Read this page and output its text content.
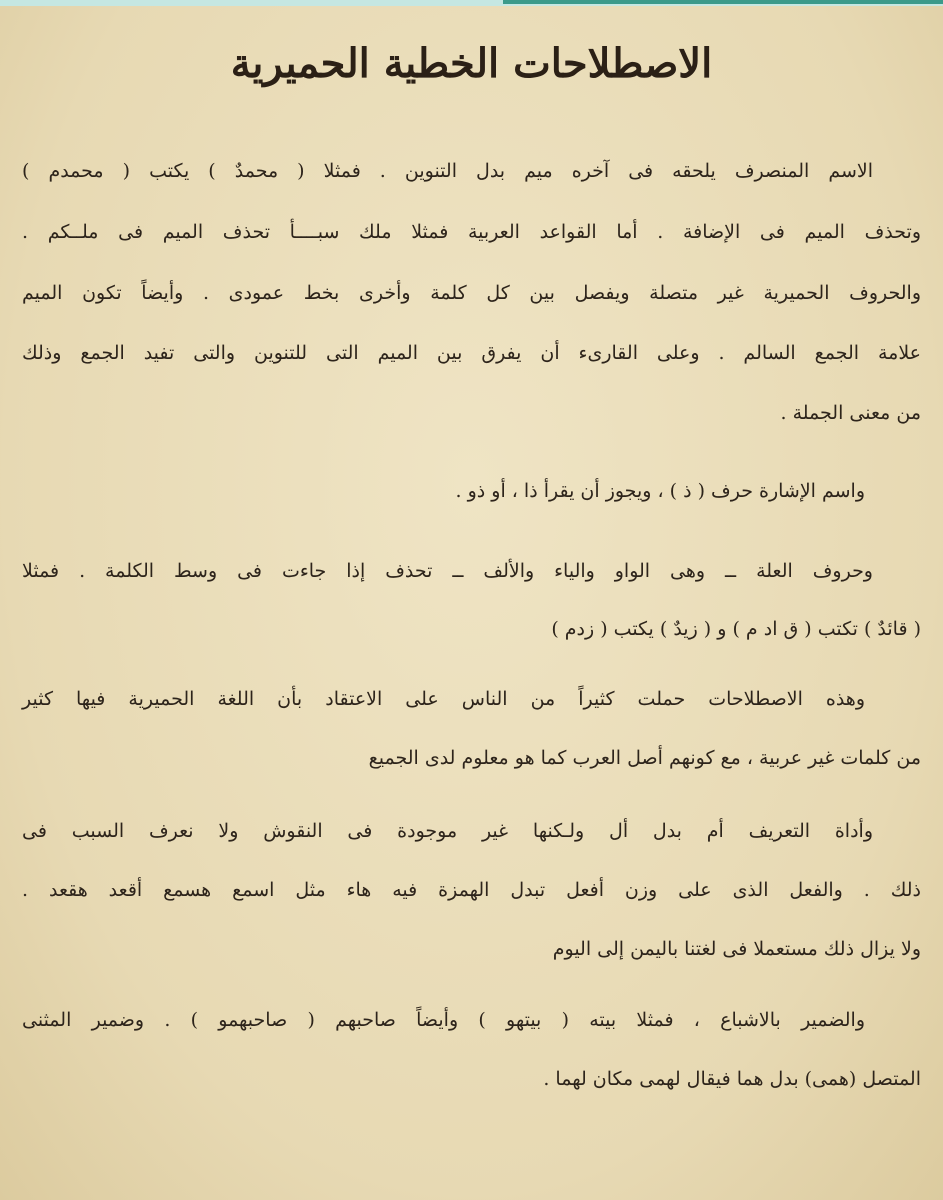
الاصطلاحات الخطية الحميرية
الاسم المنصرف يلحقه فى آخره ميم بدل التنوين . فمثلا ( محمدٌ ) يكتب ( محمدم )
وتحذف الميم فى الإضافة . أما القواعد العربية فمثلا ملك سبــــأ تحذف الميم فى ملــكم .
والحروف الحميرية غير متصلة ويفصل بين كل كلمة وأخرى بخط عمودى . وأيضاً تكون الميم
علامة الجمع السالم . وعلى القارىء أن يفرق بين الميم التى للتنوين والتى تفيد الجمع وذلك
من معنى الجملة .
واسم الإشارة حرف ( ذ ) ، ويجوز أن يقرأ ذا ، أو ذو .
وحروف العلة ــ وهى الواو والياء والألف ــ تحذف إذا جاءت فى وسط الكلمة . فمثلا
( قائدٌ ) تكتب ( ق اد م ) و ( زيدٌ ) يكتب ( زدم )
وهذه الاصطلاحات حملت كثيراً من الناس على الاعتقاد بأن اللغة الحميرية فيها كثير
من كلمات غير عربية ، مع كونهم أصل العرب كما هو معلوم لدى الجميع
وأداة التعريف أم بدل أل ولـكنها غير موجودة فى النقوش ولا نعرف السبب فى
ذلك . والفعل الذى على وزن أفعل تبدل الهمزة فيه هاء مثل اسمع هسمع أقعد هقعد .
ولا يزال ذلك مستعملا فى لغتنا باليمن إلى اليوم
والضمير بالاشباع ، فمثلا بيته ( بيتهو ) وأيضاً صاحبهم ( صاحبهمو ) . وضمير المثنى
المتصل (همى) بدل هما فيقال لهمى مكان لهما .
